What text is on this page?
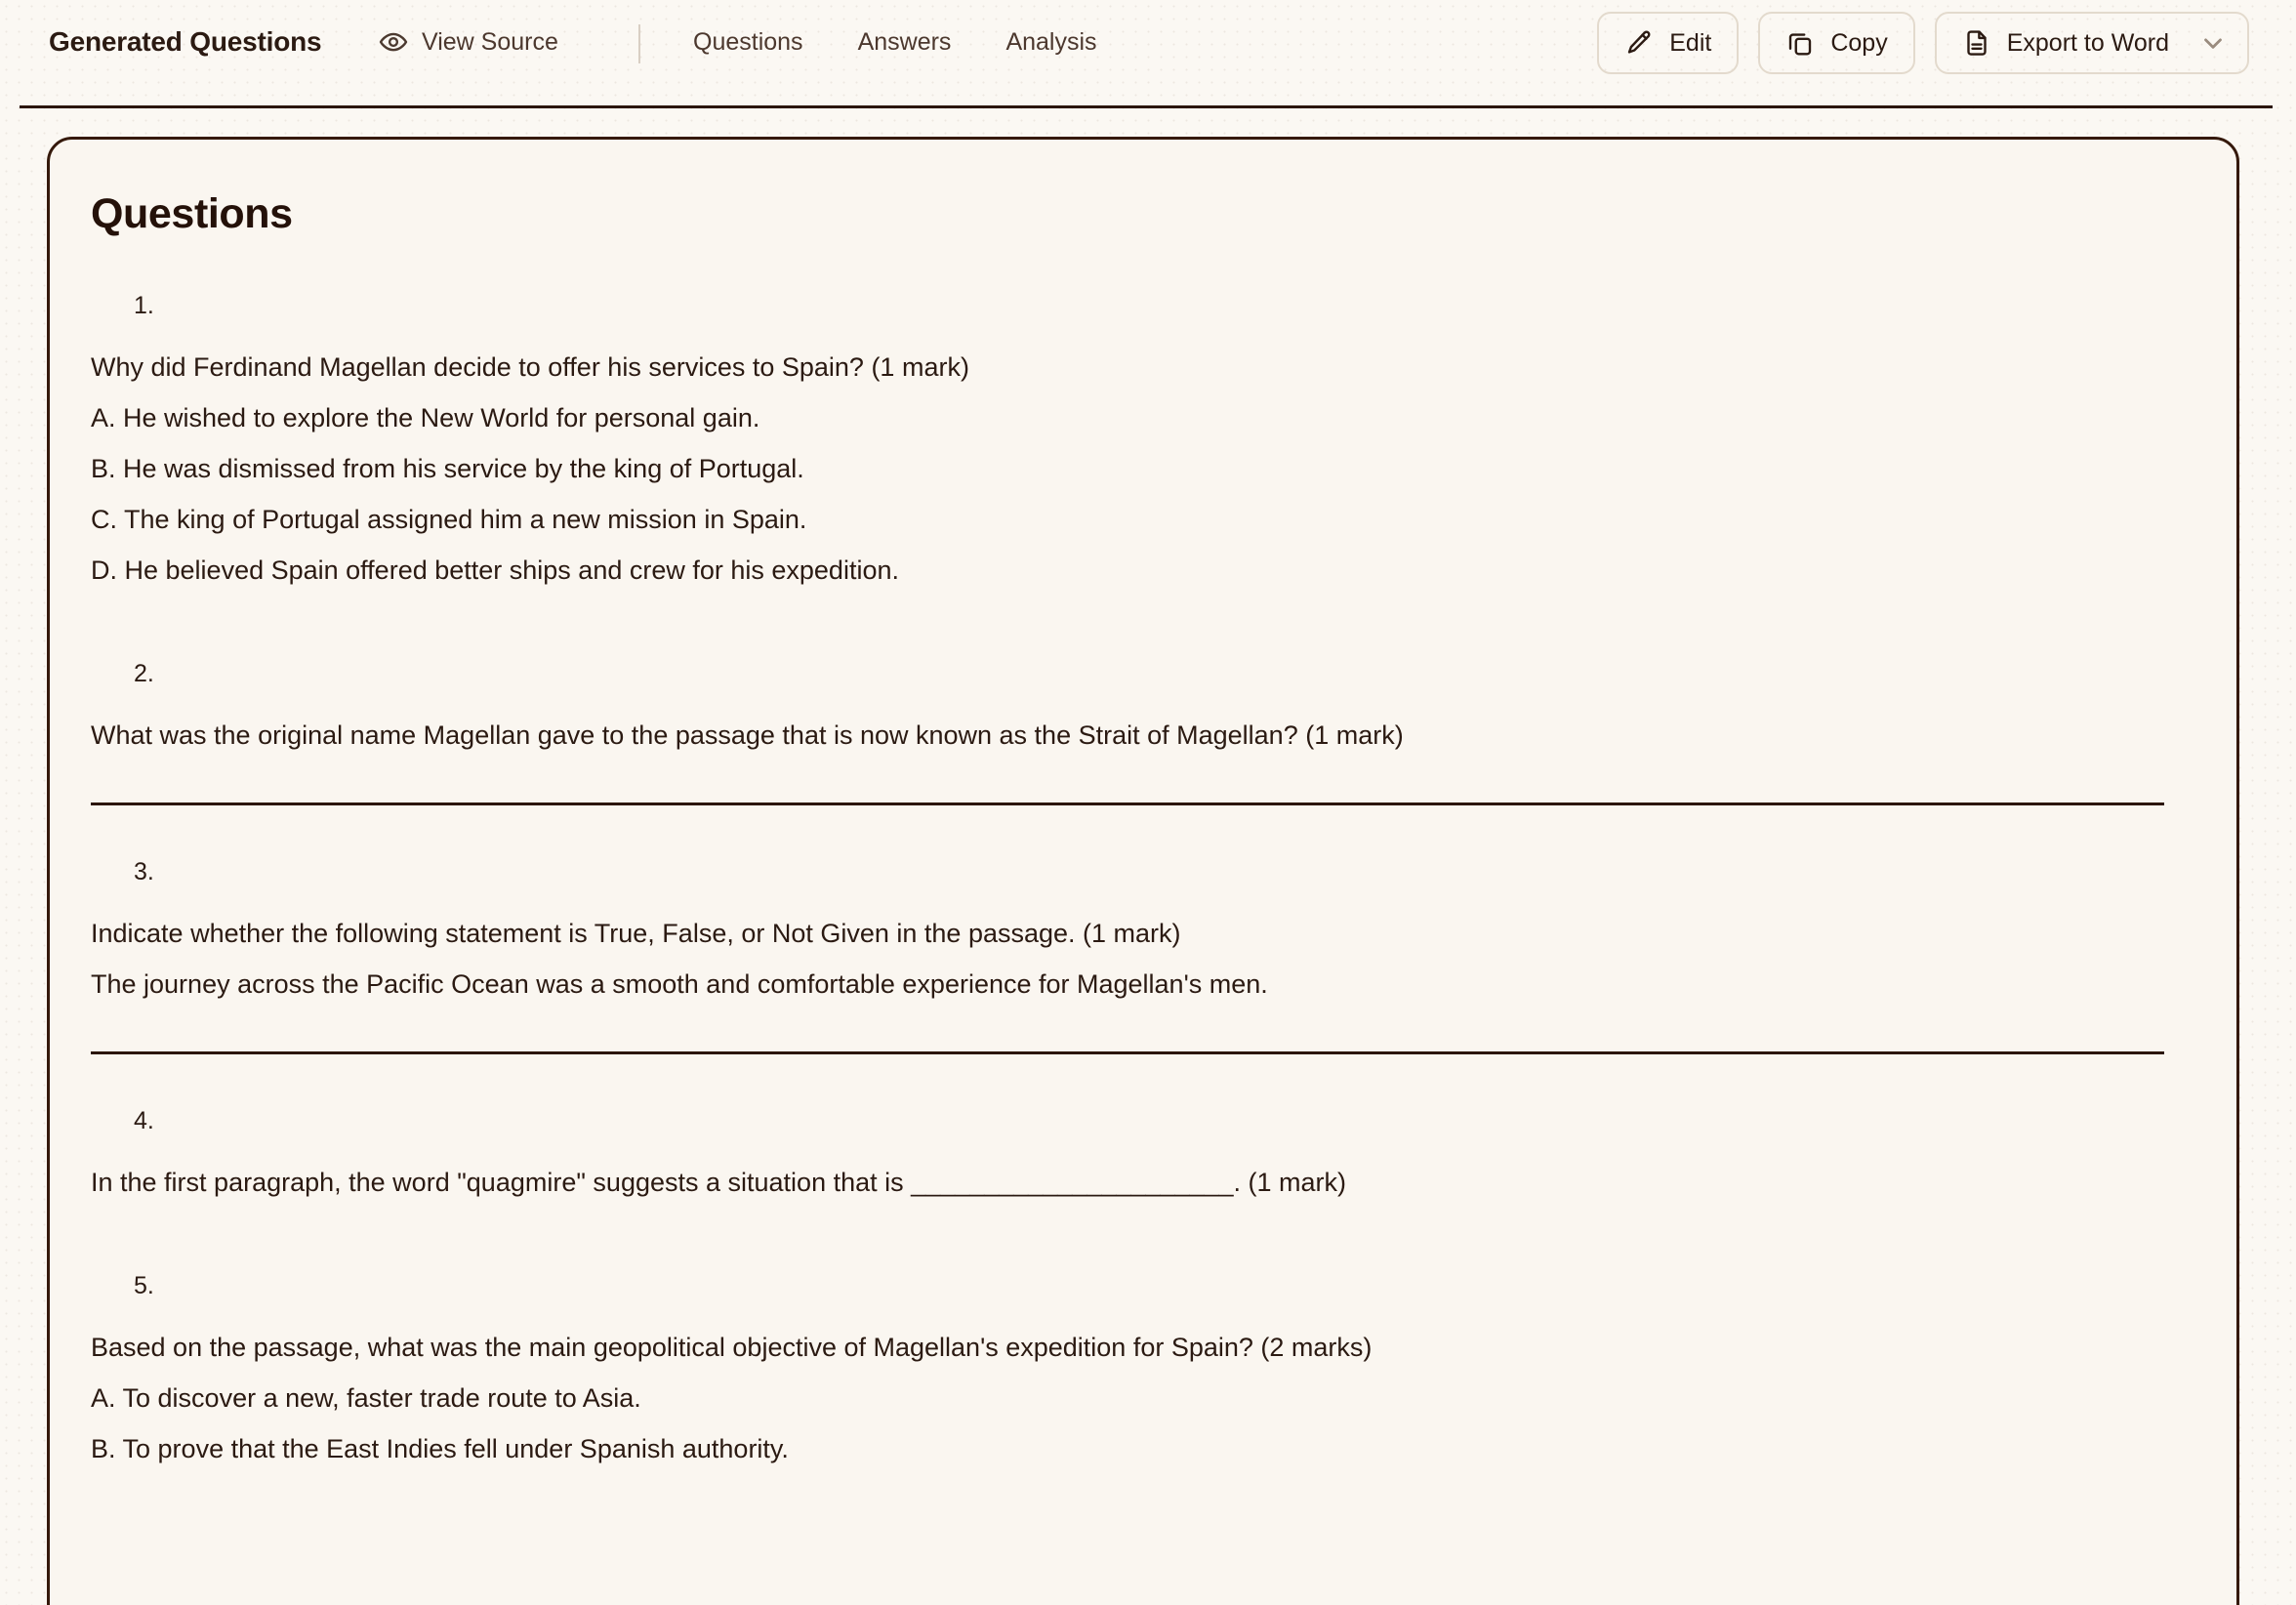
Generated Questions	View Source	Questions	Answers	Analysis	Edit	Copy	Export to Word
Questions
1.
Why did Ferdinand Magellan decide to offer his services to Spain? (1 mark)
A. He wished to explore the New World for personal gain.
B. He was dismissed from his service by the king of Portugal.
C. The king of Portugal assigned him a new mission in Spain.
D. He believed Spain offered better ships and crew for his expedition.
2.
What was the original name Magellan gave to the passage that is now known as the Strait of Magellan? (1 mark)
3.
Indicate whether the following statement is True, False, or Not Given in the passage. (1 mark)
The journey across the Pacific Ocean was a smooth and comfortable experience for Magellan's men.
4.
In the first paragraph, the word "quagmire" suggests a situation that is ______________________. (1 mark)
5.
Based on the passage, what was the main geopolitical objective of Magellan's expedition for Spain? (2 marks)
A. To discover a new, faster trade route to Asia.
B. To prove that the East Indies fell under Spanish authority.
